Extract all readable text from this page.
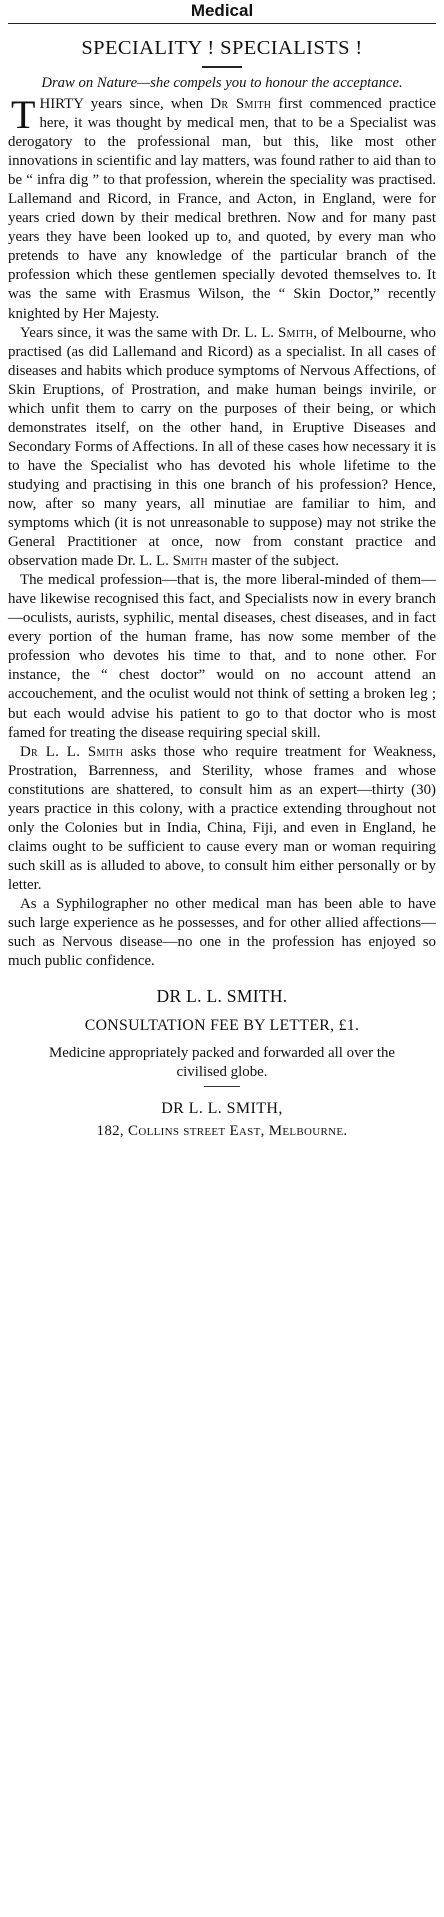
Medical
SPECIALITY ! SPECIALISTS !
Draw on Nature—she compels you to honour the acceptance.

THIRTY years since, when Dr Smith first commenced practice here, it was thought by medical men, that to be a Specialist was derogatory to the professional man, but this, like most other innovations in scientific and lay matters, was found rather to aid than to be “ infra dig ” to that profession, wherein the speciality was practised. Lallemand and Ricord, in France, and Acton, in England, were for years cried down by their medical brethren. Now and for many past years they have been looked up to, and quoted, by every man who pretends to have any knowledge of the particular branch of the profession which these gentlemen specially devoted themselves to. It was the same with Erasmus Wilson, the “ Skin Doctor,” recently knighted by Her Majesty.

Years since, it was the same with Dr. L. L. Smith, of Melbourne, who practised (as did Lallemand and Ricord) as a specialist. In all cases of diseases and habits which produce symptoms of Nervous Affections, of Skin Eruptions, of Prostration, and make human beings invirile, or which unfit them to carry on the purposes of their being, or which demonstrates itself, on the other hand, in Eruptive Diseases and Secondary Forms of Affections. In all of these cases how necessary it is to have the Specialist who has devoted his whole lifetime to the studying and practising in this one branch of his profession? Hence, now, after so many years, all minutiae are familiar to him, and symptoms which (it is not unreasonable to suppose) may not strike the General Practitioner at once, now from constant practice and observation made Dr. L. L. Smith master of the subject.

The medical profession—that is, the more liberal-minded of them—have likewise recognised this fact, and Specialists now in every branch—oculists, aurists, syphilic, mental diseases, chest diseases, and in fact every portion of the human frame, has now some member of the profession who devotes his time to that, and to none other. For instance, the “ chest doctor” would on no account attend an accouchement, and the oculist would not think of setting a broken leg ; but each would advise his patient to go to that doctor who is most famed for treating the disease requiring special skill.

Dr L. L. Smith asks those who require treatment for Weakness, Prostration, Barrenness, and Sterility, whose frames and whose constitutions are shattered, to consult him as an expert—thirty (30) years practice in this colony, with a practice extending throughout not only the Colonies but in India, China, Fiji, and even in England, he claims ought to be sufficient to cause every man or woman requiring such skill as is alluded to above, to consult him either personally or by letter.

As a Syphilographer no other medical man has been able to have such large experience as he possesses, and for other allied affections—such as Nervous disease—no one in the profession has enjoyed so much public confidence.

DR L. L. SMITH.
CONSULTATION FEE BY LETTER, £1.
Medicine appropriately packed and forwarded all over the civilised globe.
DR L. L. SMITH,
182, Collins street East, Melbourne.
